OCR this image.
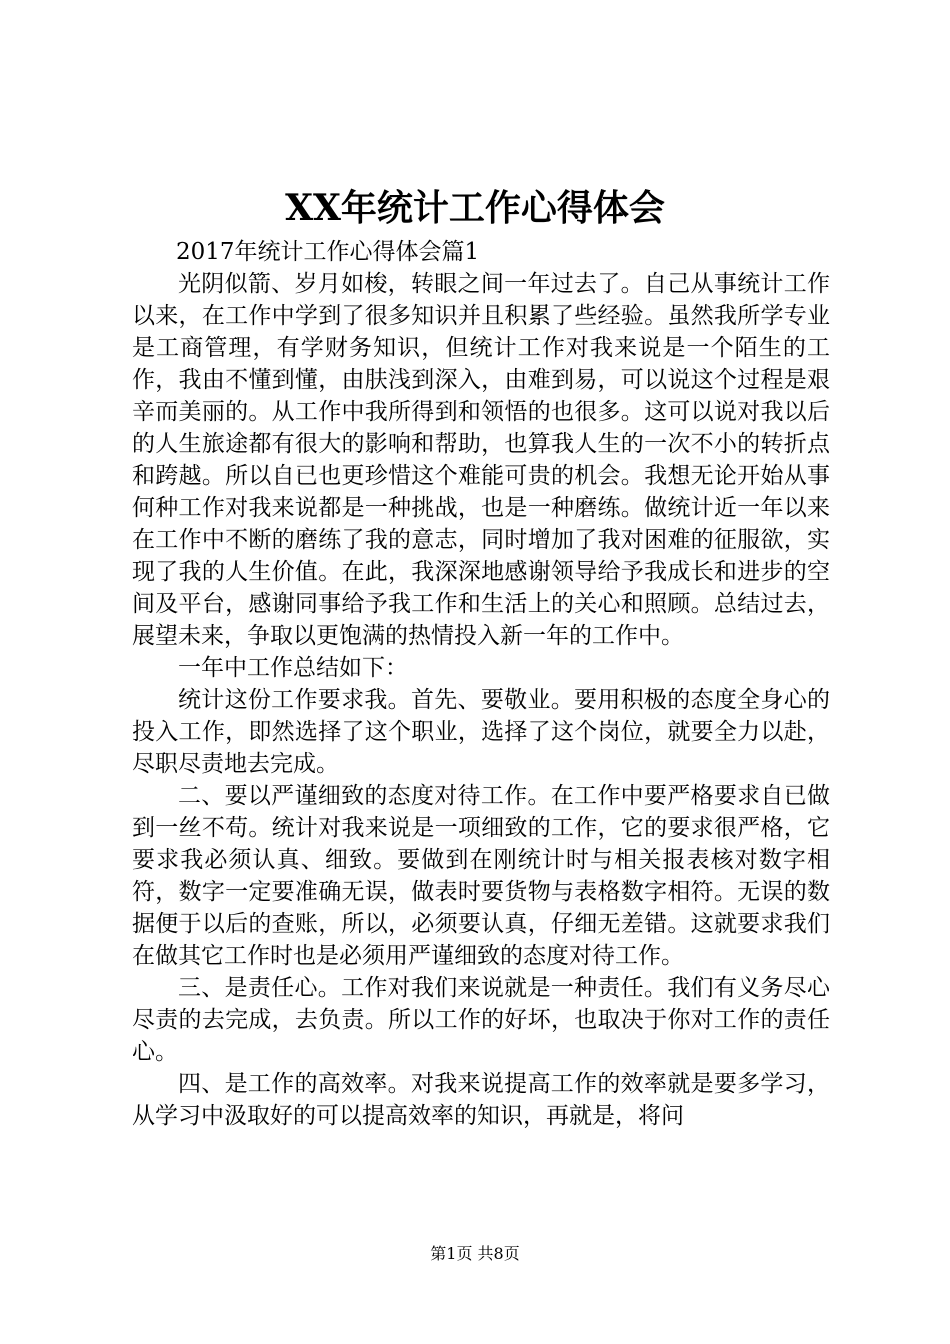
XX年统计工作心得体会

2017年统计工作心得体会篇1

光阴似箭、岁月如梭，转眼之间一年过去了。自己从事统计工作以来，在工作中学到了很多知识并且积累了些经验。虽然我所学专业是工商管理，有学财务知识，但统计工作对我来说是一个陌生的工作，我由不懂到懂，由肤浅到深入，由难到易，可以说这个过程是艰辛而美丽的。从工作中我所得到和领悟的也很多。这可以说对我以后的人生旅途都有很大的影响和帮助，也算我人生的一次不小的转折点和跨越。所以自已也更珍惜这个难能可贵的机会。我想无论开始从事何种工作对我来说都是一种挑战，也是一种磨练。做统计近一年以来在工作中不断的磨练了我的意志，同时增加了我对困难的征服欲，实现了我的人生价值。在此，我深深地感谢领导给予我成长和进步的空间及平台，感谢同事给予我工作和生活上的关心和照顾。总结过去，展望未来，争取以更饱满的热情投入新一年的工作中。

一年中工作总结如下：

统计这份工作要求我。首先、要敬业。要用积极的态度全身心的投入工作，即然选择了这个职业，选择了这个岗位，就要全力以赴，尽职尽责地去完成。

二、要以严谨细致的态度对待工作。在工作中要严格要求自已做到一丝不苟。统计对我来说是一项细致的工作，它的要求很严格，它要求我必须认真、细致。要做到在刚统计时与相关报表核对数字相符，数字一定要准确无误，做表时要货物与表格数字相符。无误的数据便于以后的查账，所以，必须要认真，仔细无差错。这就要求我们在做其它工作时也是必须用严谨细致的态度对待工作。

三、是责任心。工作对我们来说就是一种责任。我们有义务尽心尽责的去完成，去负责。所以工作的好坏，也取决于你对工作的责任心。

四、是工作的高效率。对我来说提高工作的效率就是要多学习，从学习中汲取好的可以提高效率的知识，再就是，将问

第1页 共8页
